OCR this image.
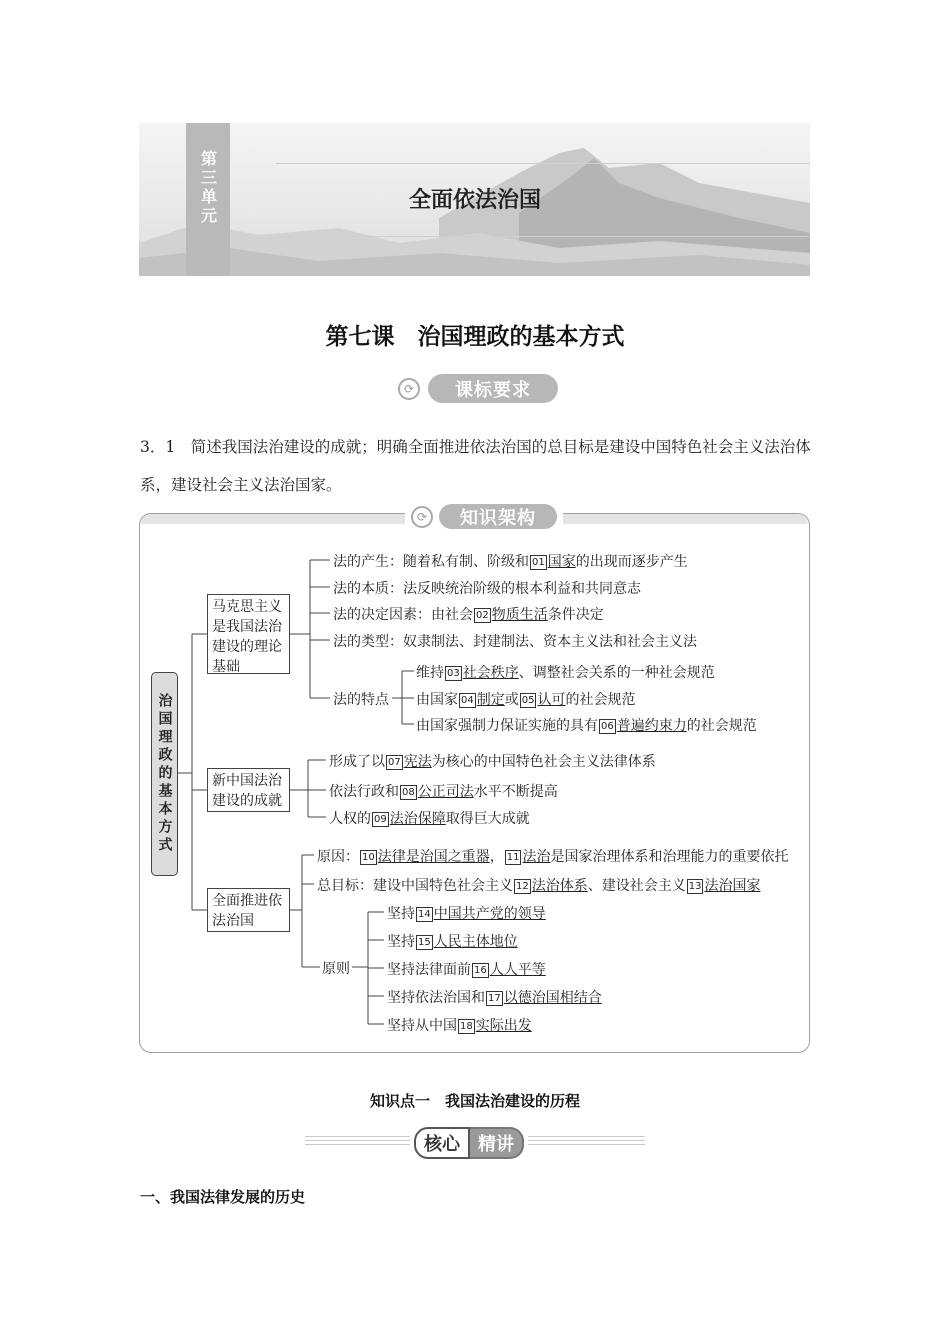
第三单元	全面依法治国
第七课　治国理政的基本方式
⟳	课标要求
3．1　简述我国法治建设的成就；明确全面推进依法治国的总目标是建设中国特色社会主义法治体系，建设社会主义法治国家。
⟳	知识架构
治国理政的基本方式
马克思主义是我国法治建设的理论基础
新中国法治建设的成就
全面推进依法治国
法的产生：随着私有制、阶级和 01 国家的出现而逐步产生
法的本质：法反映统治阶级的根本利益和共同意志
法的决定因素：由社会 02 物质生活条件决定
法的类型：奴隶制法、封建制法、资本主义法和社会主义法
法的特点
维持 03 社会秩序、调整社会关系的一种社会规范
由国家 04 制定或 05 认可的社会规范
由国家强制力保证实施的具有 06 普遍约束力的社会规范
形成了以 07 宪法为核心的中国特色社会主义法律体系
依法行政和 08 公正司法水平不断提高
人权的 09 法治保障取得巨大成就
原因： 10 法律是治国之重器， 11 法治是国家治理体系和治理能力的重要依托
总目标：建设中国特色社会主义 12 法治体系、建设社会主义 13 法治国家
原则
坚持 14 中国共产党的领导
坚持 15 人民主体地位
坚持法律面前 16 人人平等
坚持依法治国和 17 以德治国相结合
坚持从中国 18 实际出发
知识点一　我国法治建设的历程
核心	精讲
一、我国法律发展的历史
